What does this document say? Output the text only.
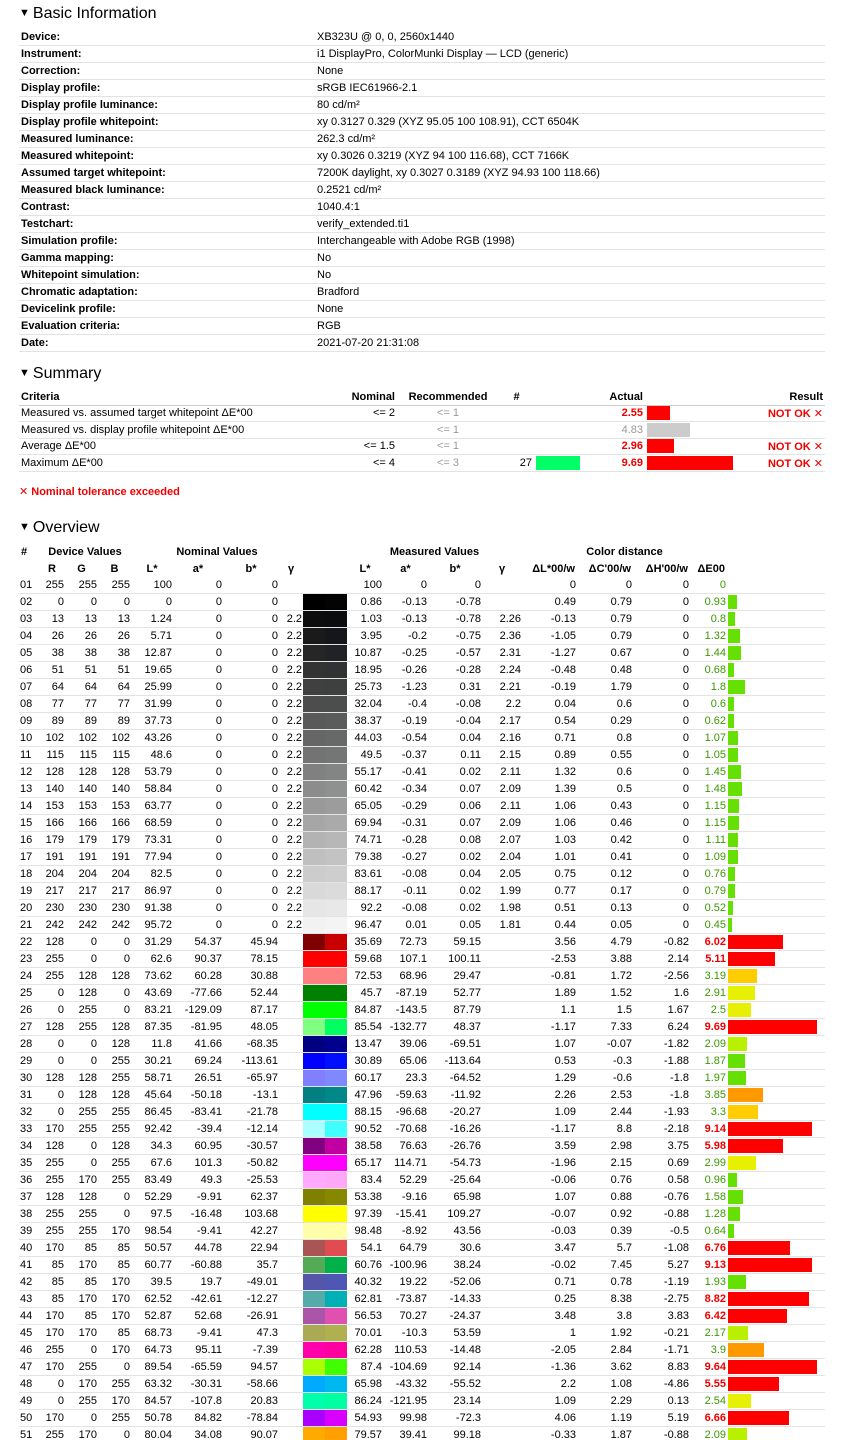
▼ Basic Information
Device:	XB323U @ 0, 0, 2560x1440
Instrument:	i1 DisplayPro, ColorMunki Display — LCD (generic)
Correction:	None
Display profile:	sRGB IEC61966-2.1
Display profile luminance:	80 cd/m²
Display profile whitepoint:	xy 0.3127 0.329 (XYZ 95.05 100 108.91), CCT 6504K
Measured luminance:	262.3 cd/m²
Measured whitepoint:	xy 0.3026 0.3219 (XYZ 94 100 116.68), CCT 7166K
Assumed target whitepoint:	7200K daylight, xy 0.3027 0.3189 (XYZ 94.93 100 118.66)
Measured black luminance:	0.2521 cd/m²
Contrast:	1040.4:1
Testchart:	verify_extended.ti1
Simulation profile:	Interchangeable with Adobe RGB (1998)
Gamma mapping:	No
Whitepoint simulation:	No
Chromatic adaptation:	Bradford
Devicelink profile:	None
Evaluation criteria:	RGB
Date:	2021-07-20 21:31:08
▼ Summary
Criteria	Nominal	Recommended	#	Actual			Result
Measured vs. assumed target whitepoint ΔE*00	<= 2	<= 1			2.55		NOT OK ✕
Measured vs. display profile whitepoint ΔE*00		<= 1			4.83		
Average ΔE*00	<= 1.5	<= 1			2.96		NOT OK ✕
Maximum ΔE*00	<= 4	<= 3	27		9.69		NOT OK ✕
✕ Nominal tolerance exceeded
▼ Overview
#	Device Values			Nominal Values					Measured Values				Color distance				
	R	G	B	L*	a*	b*	γ		L*	a*	b*	γ	ΔL*00/w	ΔC'00/w	ΔH'00/w	ΔE00	
01	255	255	255	100	0	0			100	0	0		0	0	0	0	
02	0	0	0	0	0	0			0.86	-0.13	-0.78		0.49	0.79	0	0.93	
03	13	13	13	1.24	0	0	2.2		1.03	-0.13	-0.78	2.26	-0.13	0.79	0	0.8	
04	26	26	26	5.71	0	0	2.2		3.95	-0.2	-0.75	2.36	-1.05	0.79	0	1.32	
05	38	38	38	12.87	0	0	2.2		10.87	-0.25	-0.57	2.31	-1.27	0.67	0	1.44	
06	51	51	51	19.65	0	0	2.2		18.95	-0.26	-0.28	2.24	-0.48	0.48	0	0.68	
07	64	64	64	25.99	0	0	2.2		25.73	-1.23	0.31	2.21	-0.19	1.79	0	1.8	
08	77	77	77	31.99	0	0	2.2		32.04	-0.4	-0.08	2.2	0.04	0.6	0	0.6	
09	89	89	89	37.73	0	0	2.2		38.37	-0.19	-0.04	2.17	0.54	0.29	0	0.62	
10	102	102	102	43.26	0	0	2.2		44.03	-0.54	0.04	2.16	0.71	0.8	0	1.07	
11	115	115	115	48.6	0	0	2.2		49.5	-0.37	0.11	2.15	0.89	0.55	0	1.05	
12	128	128	128	53.79	0	0	2.2		55.17	-0.41	0.02	2.11	1.32	0.6	0	1.45	
13	140	140	140	58.84	0	0	2.2		60.42	-0.34	0.07	2.09	1.39	0.5	0	1.48	
14	153	153	153	63.77	0	0	2.2		65.05	-0.29	0.06	2.11	1.06	0.43	0	1.15	
15	166	166	166	68.59	0	0	2.2		69.94	-0.31	0.07	2.09	1.06	0.46	0	1.15	
16	179	179	179	73.31	0	0	2.2		74.71	-0.28	0.08	2.07	1.03	0.42	0	1.11	
17	191	191	191	77.94	0	0	2.2		79.38	-0.27	0.02	2.04	1.01	0.41	0	1.09	
18	204	204	204	82.5	0	0	2.2		83.61	-0.08	0.04	2.05	0.75	0.12	0	0.76	
19	217	217	217	86.97	0	0	2.2		88.17	-0.11	0.02	1.99	0.77	0.17	0	0.79	
20	230	230	230	91.38	0	0	2.2		92.2	-0.08	0.02	1.98	0.51	0.13	0	0.52	
21	242	242	242	95.72	0	0	2.2		96.47	0.01	0.05	1.81	0.44	0.05	0	0.45	
22	128	0	0	31.29	54.37	45.94			35.69	72.73	59.15		3.56	4.79	-0.82	6.02	
23	255	0	0	62.6	90.37	78.15			59.68	107.1	100.11		-2.53	3.88	2.14	5.11	
24	255	128	128	73.62	60.28	30.88			72.53	68.96	29.47		-0.81	1.72	-2.56	3.19	
25	0	128	0	43.69	-77.66	52.44			45.7	-87.19	52.77		1.89	1.52	1.6	2.91	
26	0	255	0	83.21	-129.09	87.17			84.87	-143.5	87.79		1.1	1.5	1.67	2.5	
27	128	255	128	87.35	-81.95	48.05			85.54	-132.77	48.37		-1.17	7.33	6.24	9.69	
28	0	0	128	11.8	41.66	-68.35			13.47	39.06	-69.51		1.07	-0.07	-1.82	2.09	
29	0	0	255	30.21	69.24	-113.61			30.89	65.06	-113.64		0.53	-0.3	-1.88	1.87	
30	128	128	255	58.71	26.51	-65.97			60.17	23.3	-64.52		1.29	-0.6	-1.8	1.97	
31	0	128	128	45.64	-50.18	-13.1			47.96	-59.63	-11.92		2.26	2.53	-1.8	3.85	
32	0	255	255	86.45	-83.41	-21.78			88.15	-96.68	-20.27		1.09	2.44	-1.93	3.3	
33	170	255	255	92.42	-39.4	-12.14			90.52	-70.68	-16.26		-1.17	8.8	-2.18	9.14	
34	128	0	128	34.3	60.95	-30.57			38.58	76.63	-26.76		3.59	2.98	3.75	5.98	
35	255	0	255	67.6	101.3	-50.82			65.17	114.71	-54.73		-1.96	2.15	0.69	2.99	
36	255	170	255	83.49	49.3	-25.53			83.4	52.29	-25.64		-0.06	0.76	0.58	0.96	
37	128	128	0	52.29	-9.91	62.37			53.38	-9.16	65.98		1.07	0.88	-0.76	1.58	
38	255	255	0	97.5	-16.48	103.68			97.39	-15.41	109.27		-0.07	0.92	-0.88	1.28	
39	255	255	170	98.54	-9.41	42.27			98.48	-8.92	43.56		-0.03	0.39	-0.5	0.64	
40	170	85	85	50.57	44.78	22.94			54.1	64.79	30.6		3.47	5.7	-1.08	6.76	
41	85	170	85	60.77	-60.88	35.7			60.76	-100.96	38.24		-0.02	7.45	5.27	9.13	
42	85	85	170	39.5	19.7	-49.01			40.32	19.22	-52.06		0.71	0.78	-1.19	1.93	
43	85	170	170	62.52	-42.61	-12.27			62.81	-73.87	-14.33		0.25	8.38	-2.75	8.82	
44	170	85	170	52.87	52.68	-26.91			56.53	70.27	-24.37		3.48	3.8	3.83	6.42	
45	170	170	85	68.73	-9.41	47.3			70.01	-10.3	53.59		1	1.92	-0.21	2.17	
46	255	0	170	64.73	95.11	-7.39			62.28	110.53	-14.48		-2.05	2.84	-1.71	3.9	
47	170	255	0	89.54	-65.59	94.57			87.4	-104.69	92.14		-1.36	3.62	8.83	9.64	
48	0	170	255	63.32	-30.31	-58.66			65.98	-43.32	-55.52		2.2	1.08	-4.86	5.55	
49	0	255	170	84.57	-107.8	20.83			86.24	-121.95	23.14		1.09	2.29	0.13	2.54	
50	170	0	255	50.78	84.82	-78.84			54.93	99.98	-72.3		4.06	1.19	5.19	6.66	
51	255	170	0	80.04	34.08	90.07			79.57	39.41	99.18		-0.33	1.87	-0.88	2.09	
